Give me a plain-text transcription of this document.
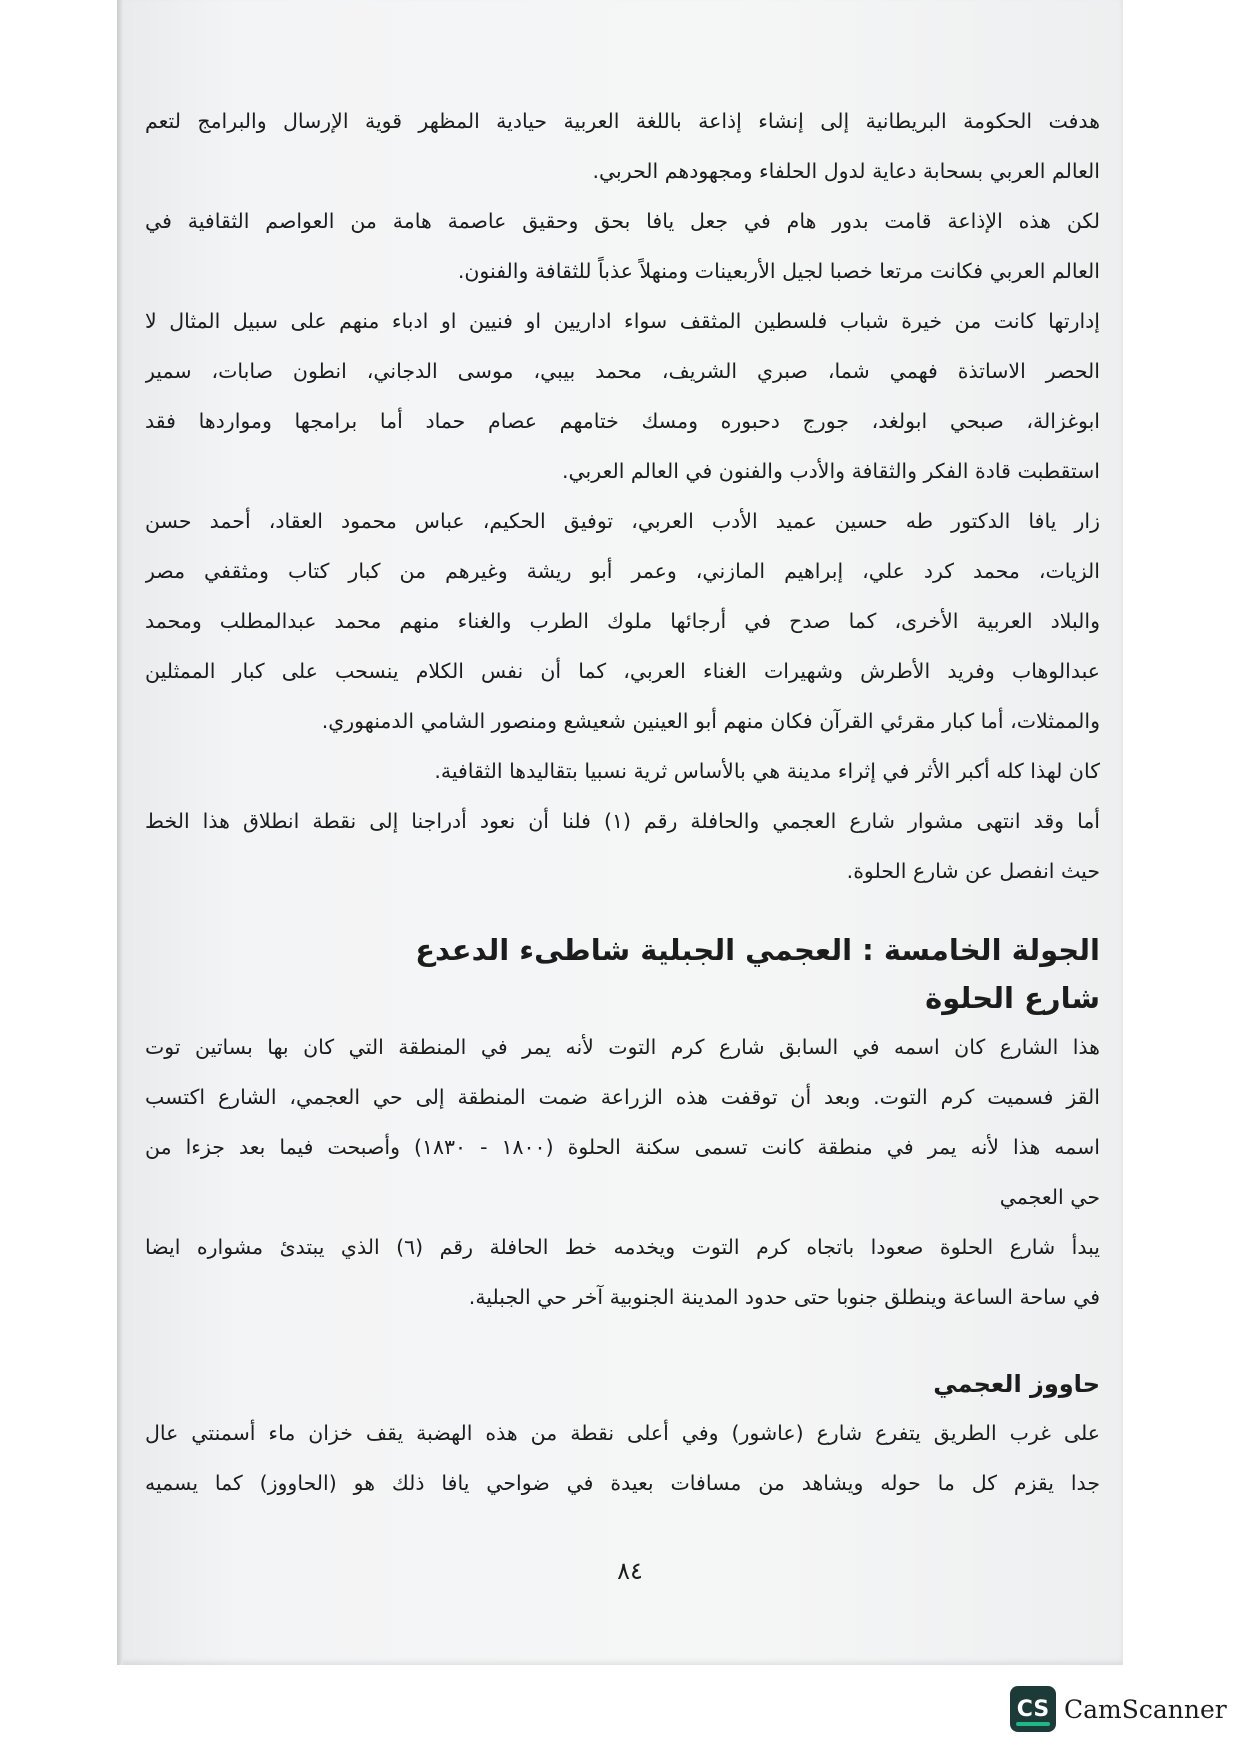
هدفت الحكومة البريطانية إلى إنشاء إذاعة باللغة العربية حيادية المظهر قوية الإرسال والبرامج لتعم
العالم العربي بسحابة دعاية لدول الحلفاء ومجهودهم الحربي.
لكن هذه الإذاعة قامت بدور هام في جعل يافا بحق وحقيق عاصمة هامة من العواصم الثقافية في
العالم العربي فكانت مرتعا خصبا لجيل الأربعينات ومنهلاً عذباً للثقافة والفنون.
إدارتها كانت من خيرة شباب فلسطين المثقف سواء اداريين او فنيين او ادباء منهم على سبيل المثال لا
الحصر الاساتذة فهمي شما، صبري الشريف، محمد بيبي، موسى الدجاني، انطون صابات، سمير
ابوغزالة، صبحي ابولغد، جورج دحبوره ومسك ختامهم عصام حماد أما برامجها ومواردها فقد
استقطبت قادة الفكر والثقافة والأدب والفنون في العالم العربي.
زار يافا الدكتور طه حسين عميد الأدب العربي، توفيق الحكيم، عباس محمود العقاد، أحمد حسن
الزيات، محمد كرد علي، إبراهيم المازني، وعمر أبو ريشة وغيرهم من كبار كتاب ومثقفي مصر
والبلاد العربية الأخرى، كما صدح في أرجائها ملوك الطرب والغناء منهم محمد عبدالمطلب ومحمد
عبدالوهاب وفريد الأطرش وشهيرات الغناء العربي، كما أن نفس الكلام ينسحب على كبار الممثلين
والممثلات، أما كبار مقرئي القرآن فكان منهم أبو العينين شعيشع ومنصور الشامي الدمنهوري.
كان لهذا كله أكبر الأثر في إثراء مدينة هي بالأساس ثرية نسبيا بتقاليدها الثقافية.
أما وقد انتهى مشوار شارع العجمي والحافلة رقم (١) فلنا أن نعود أدراجنا إلى نقطة انطلاق هذا الخط
حيث انفصل عن شارع الحلوة.
الجولة الخامسة : العجمي الجبلية شاطىء الدعدع
شارع الحلوة
هذا الشارع كان اسمه في السابق شارع كرم التوت لأنه يمر في المنطقة التي كان بها بساتين توت
القز فسميت كرم التوت. وبعد أن توقفت هذه الزراعة ضمت المنطقة إلى حي العجمي، الشارع اكتسب
اسمه هذا لأنه يمر في منطقة كانت تسمى سكنة الحلوة (١٨٠٠ - ١٨٣٠) وأصبحت فيما بعد جزءا من
حي العجمي
يبدأ شارع الحلوة صعودا باتجاه كرم التوت ويخدمه خط الحافلة رقم (٦) الذي يبتدئ مشواره ايضا
في ساحة الساعة وينطلق جنوبا حتى حدود المدينة الجنوبية آخر حي الجبلية.
حاووز العجمي
على غرب الطريق يتفرع شارع (عاشور) وفي أعلى نقطة من هذه الهضبة يقف خزان ماء أسمنتي عال
جدا يقزم كل ما حوله ويشاهد من مسافات بعيدة في ضواحي يافا ذلك هو (الحاووز) كما يسميه
٨٤
CS CamScanner
